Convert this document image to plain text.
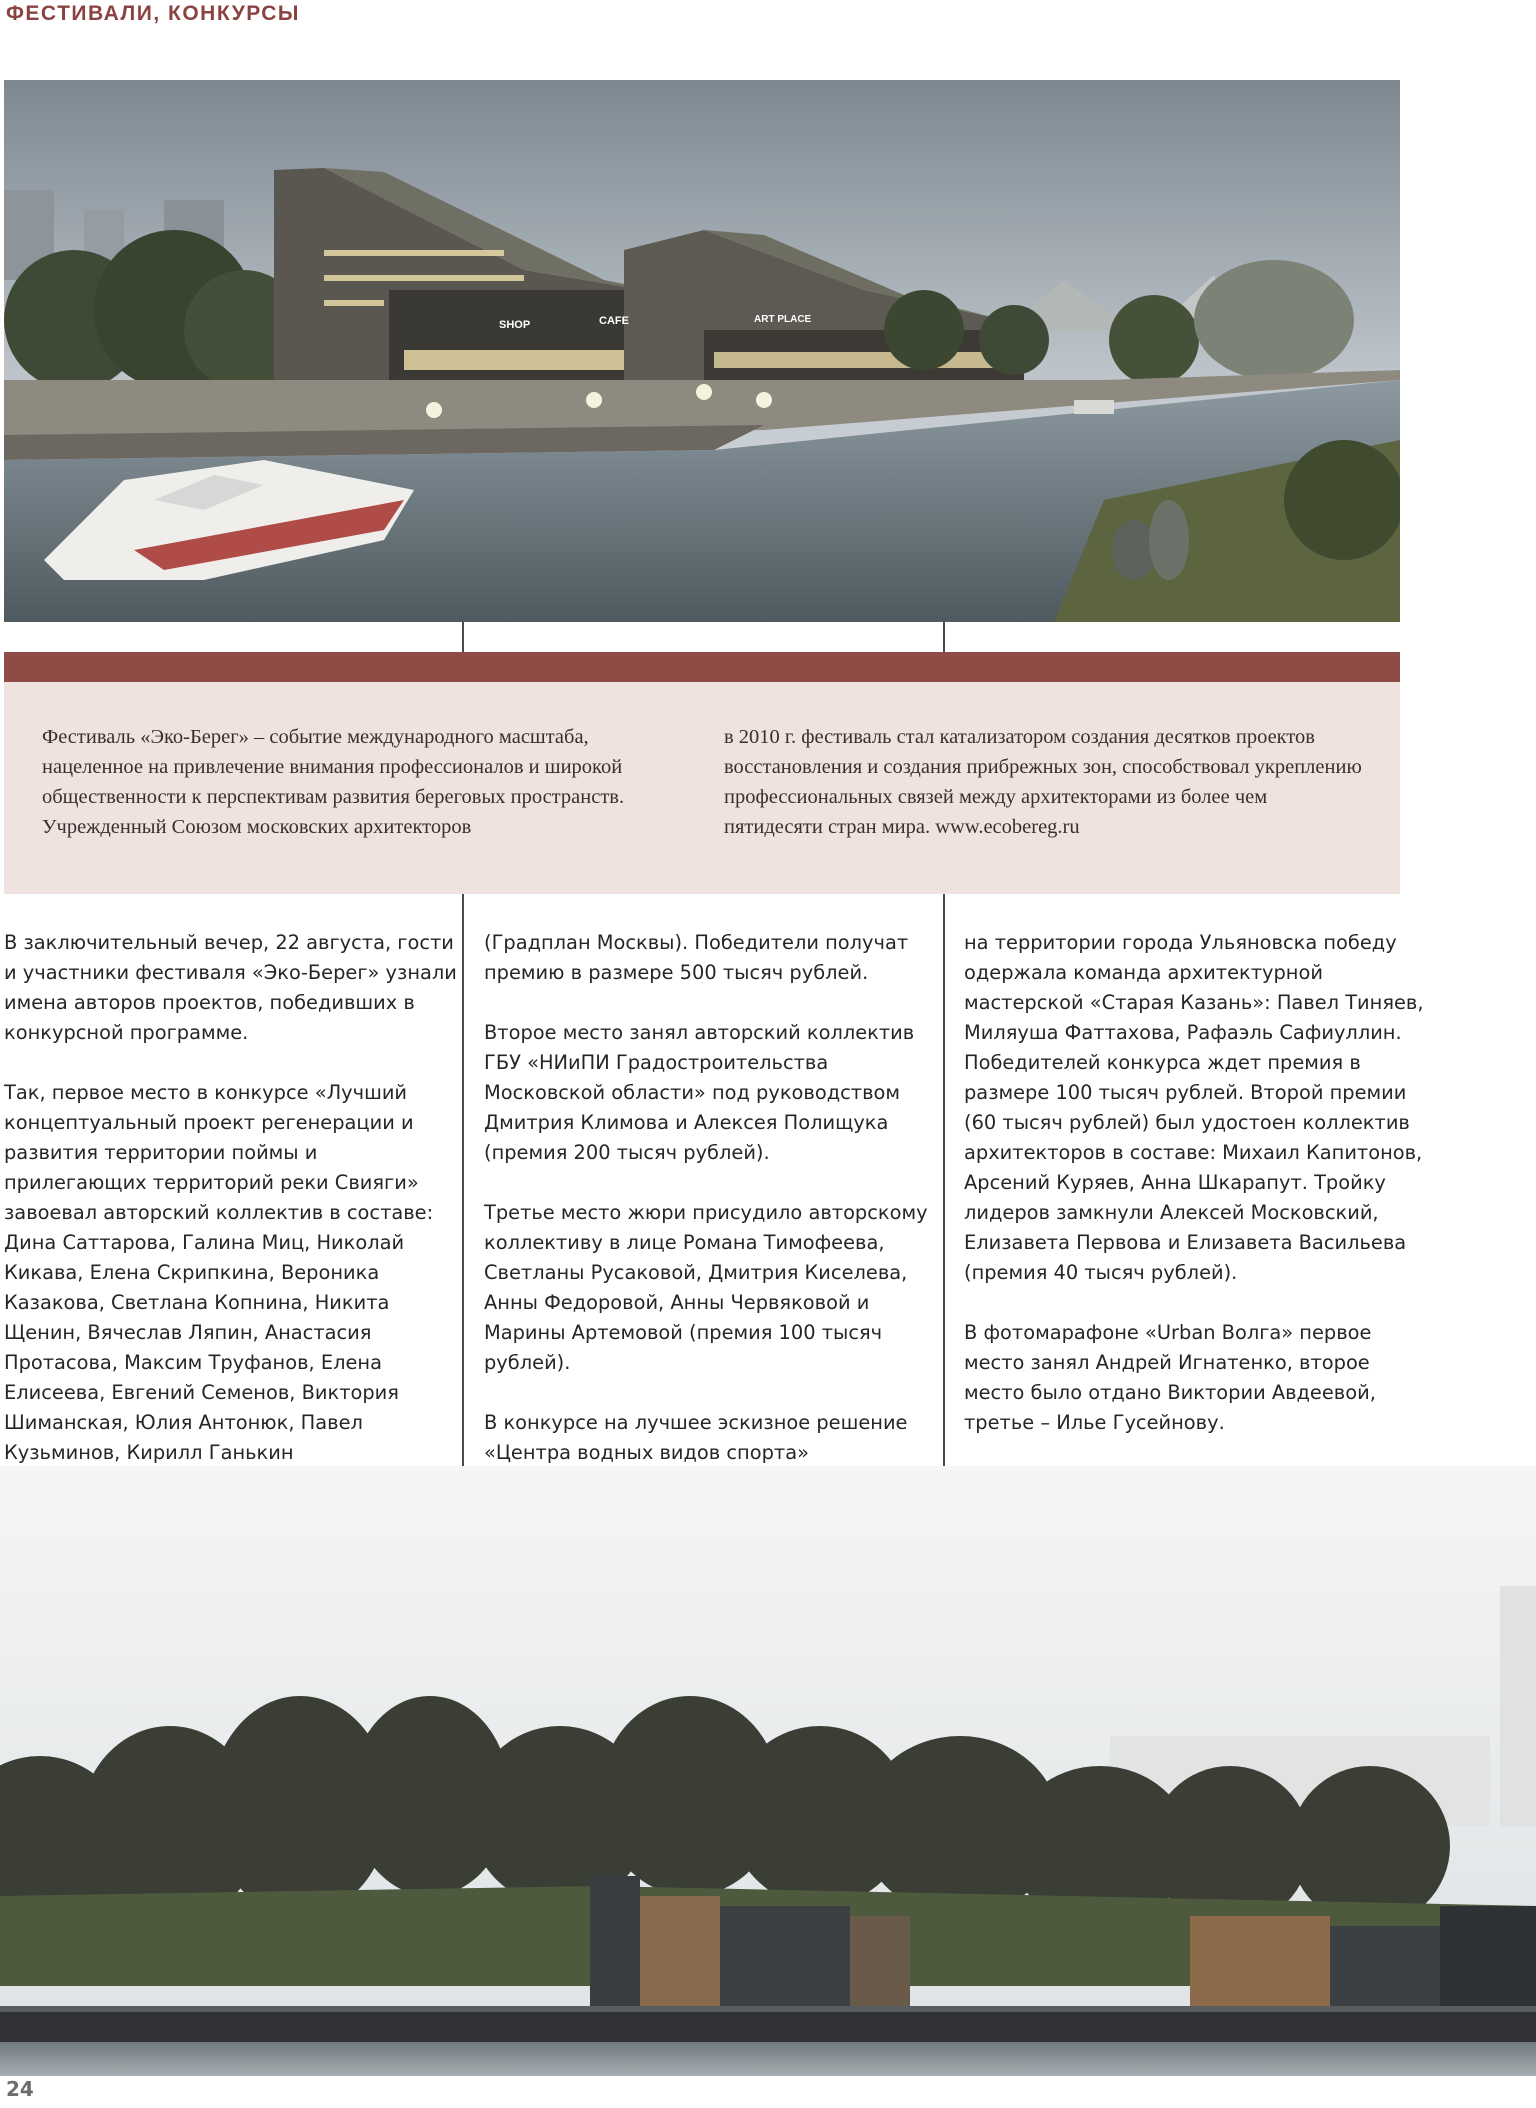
ФЕСТИВАЛИ, КОНКУРСЫ
SHOP	CAFE	ART PLACE
Фестиваль «Эко-Берег» – событие международного масштаба, нацеленное на привлечение внимания профессионалов и широкой общественности к перспективам развития береговых пространств. Учрежденный Союзом московских архитекторов
в 2010 г. фестиваль стал катализатором создания десятков проектов восстановления и создания прибрежных зон, способствовал укреплению профессиональных связей между архитекторами из более чем пятидесяти стран мира. www.ecobereg.ru

В заключительный вечер, 22 августа, гости и участники фестиваля «Эко-Берег» узнали имена авторов проектов, победивших в конкурсной программе.

Так, первое место в конкурсе «Лучший концептуальный проект регенерации и развития территории поймы и прилегающих территорий реки Свияги» завоевал авторский коллектив в составе: Дина Саттарова, Галина Миц, Николай Кикава, Елена Скрипкина, Вероника Казакова, Светлана Копнина, Никита Щенин, Вячеслав Ляпин, Анастасия Протасова, Максим Труфанов, Елена Елисеева, Евгений Семенов, Виктория Шиманская, Юлия Антонюк, Павел Кузьминов, Кирилл Ганькин

(Градплан Москвы). Победители получат премию в размере 500 тысяч рублей.

Второе место занял авторский коллектив ГБУ «НИиПИ Градостроительства Московской области» под руководством Дмитрия Климова и Алексея Полищука (премия 200 тысяч рублей).

Третье место жюри присудило авторскому коллективу в лице Романа Тимофеева, Светланы Русаковой, Дмитрия Киселева, Анны Федоровой, Анны Червяковой и Марины Артемовой (премия 100 тысяч рублей).

В конкурсе на лучшее эскизное решение «Центра водных видов спорта»

на территории города Ульяновска победу одержала команда архитектурной мастерской «Старая Казань»: Павел Тиняев, Миляуша Фаттахова, Рафаэль Сафиуллин. Победителей конкурса ждет премия в размере 100 тысяч рублей. Второй премии (60 тысяч рублей) был удостоен коллектив архитекторов в составе: Михаил Капитонов, Арсений Куряев, Анна Шкарапут. Тройку лидеров замкнули Алексей Московский, Елизавета Первова и Елизавета Васильева (премия 40 тысяч рублей).

В фотомарафоне «Urban Волга» первое место занял Андрей Игнатенко, второе место было отдано Виктории Авдеевой, третье – Илье Гусейнову.

24
